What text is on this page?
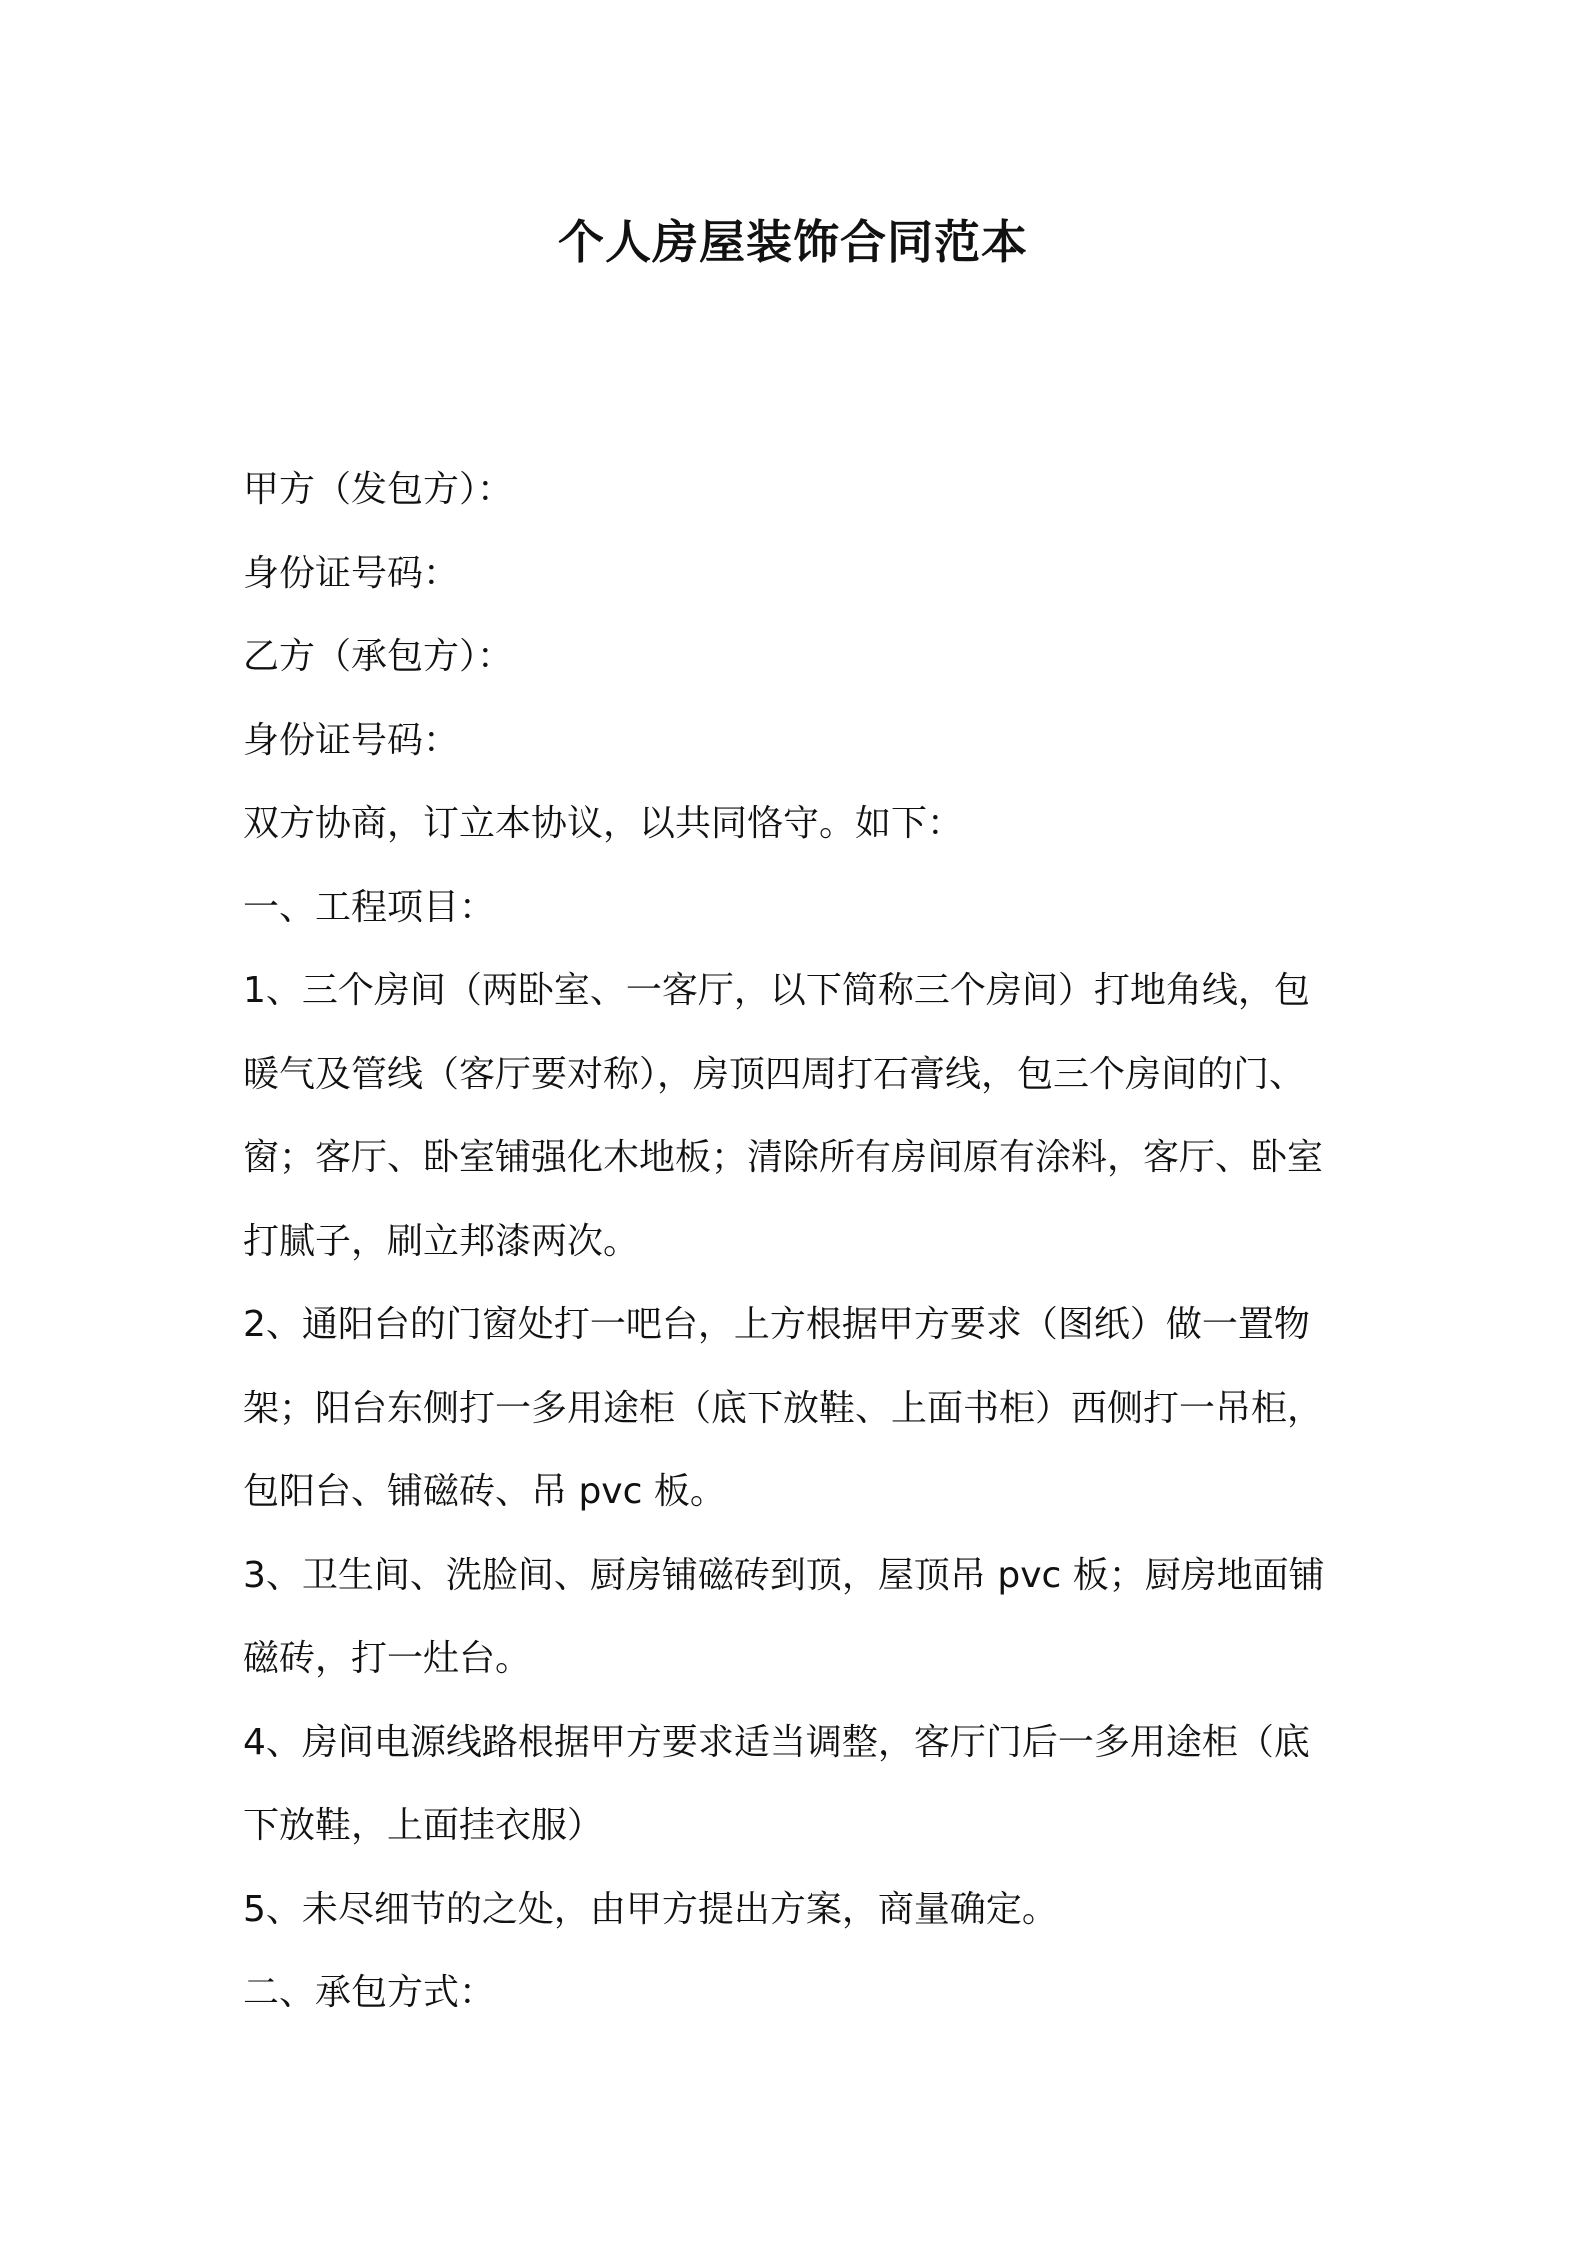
个人房屋装饰合同范本

甲方（发包方）：

身份证号码：

乙方（承包方）：

身份证号码：

双方协商，订立本协议，以共同恪守。如下：

一、工程项目：

1、三个房间（两卧室、一客厅，以下简称三个房间）打地角线，包

暖气及管线（客厅要对称），房顶四周打石膏线，包三个房间的门、

窗；客厅、卧室铺强化木地板；清除所有房间原有涂料，客厅、卧室

打腻子，刷立邦漆两次。

2、通阳台的门窗处打一吧台，上方根据甲方要求（图纸）做一置物

架；阳台东侧打一多用途柜（底下放鞋、上面书柜）西侧打一吊柜，

包阳台、铺磁砖、吊 pvc 板。

3、卫生间、洗脸间、厨房铺磁砖到顶，屋顶吊 pvc 板；厨房地面铺

磁砖，打一灶台。

4、房间电源线路根据甲方要求适当调整，客厅门后一多用途柜（底

下放鞋，上面挂衣服）

5、未尽细节的之处，由甲方提出方案，商量确定。

二、承包方式：
